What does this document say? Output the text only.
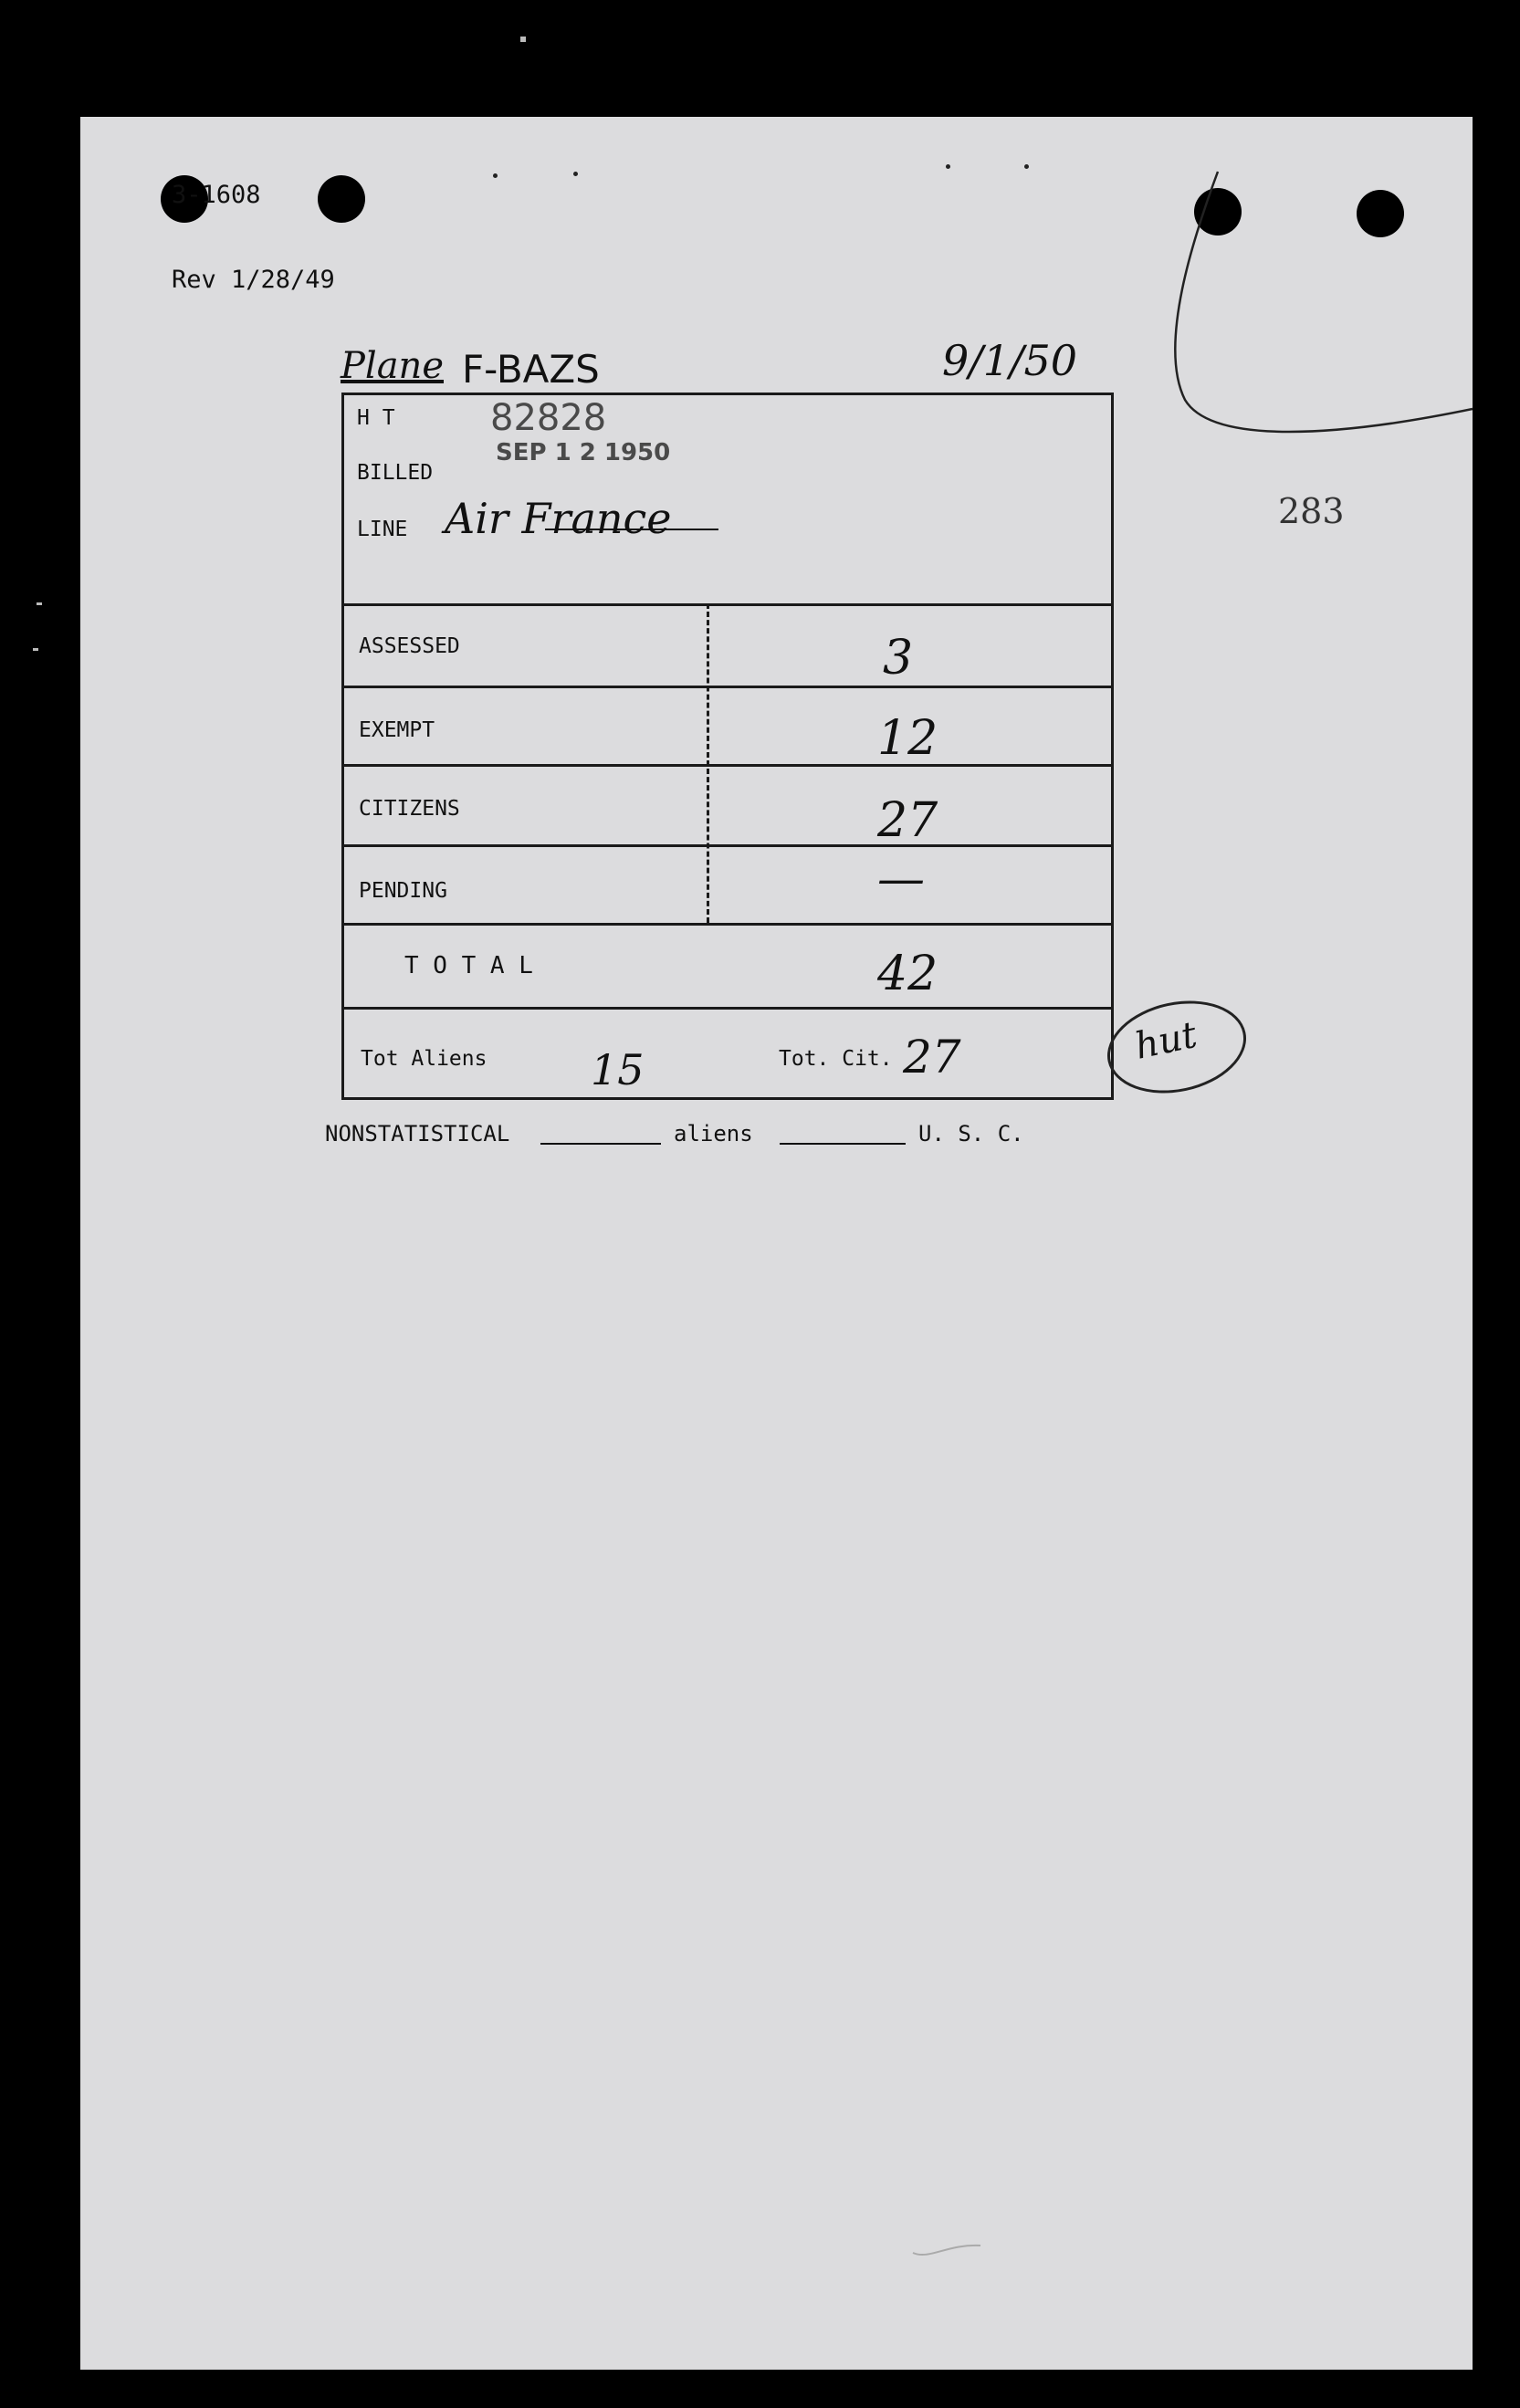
3-1608

Rev 1/28/49

Plane F-BAZS	9/1/50
283
H T	82828
SEP 1 2 1950
BILLED
LINE Air France
ASSESSED	3
EXEMPT	12
CITIZENS	27
PENDING	—
T O T A L	42
Tot Aliens 15	Tot. Cit. 27	hut
NONSTATISTICAL	aliens	U. S. C.
